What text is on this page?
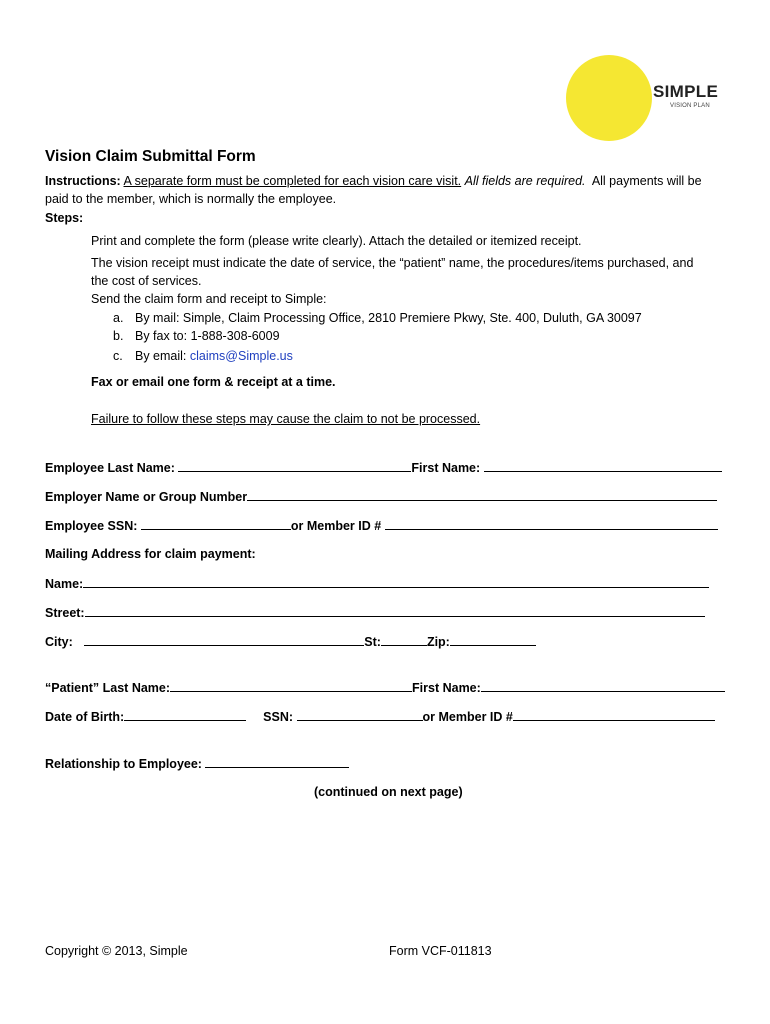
SIMPLE
VISION PLAN
Vision Claim Submittal Form
Instructions: A separate form must be completed for each vision care visit. All fields are required. All payments will be
paid to the member, which is normally the employee.
Steps:
Print and complete the form (please write clearly). Attach the detailed or itemized receipt.
The vision receipt must indicate the date of service, the “patient” name, the procedures/items purchased, and
the cost of services.
Send the claim form and receipt to Simple:
a. By mail: Simple, Claim Processing Office, 2810 Premiere Pkwy, Ste. 400, Duluth, GA 30097
b. By fax to: 1-888-308-6009
c. By email: claims@Simple.us
Fax or email one form & receipt at a time.
Failure to follow these steps may cause the claim to not be processed.
Employee Last Name:	First Name:
Employer Name or Group Number
Employee SSN:	or Member ID #
Mailing Address for claim payment:
Name:
Street:
City:	St:	Zip:
“Patient” Last Name:	First Name:
Date of Birth:	SSN:	or Member ID #
Relationship to Employee:
(continued on next page)
Copyright © 2013, Simple	Form VCF-011813
